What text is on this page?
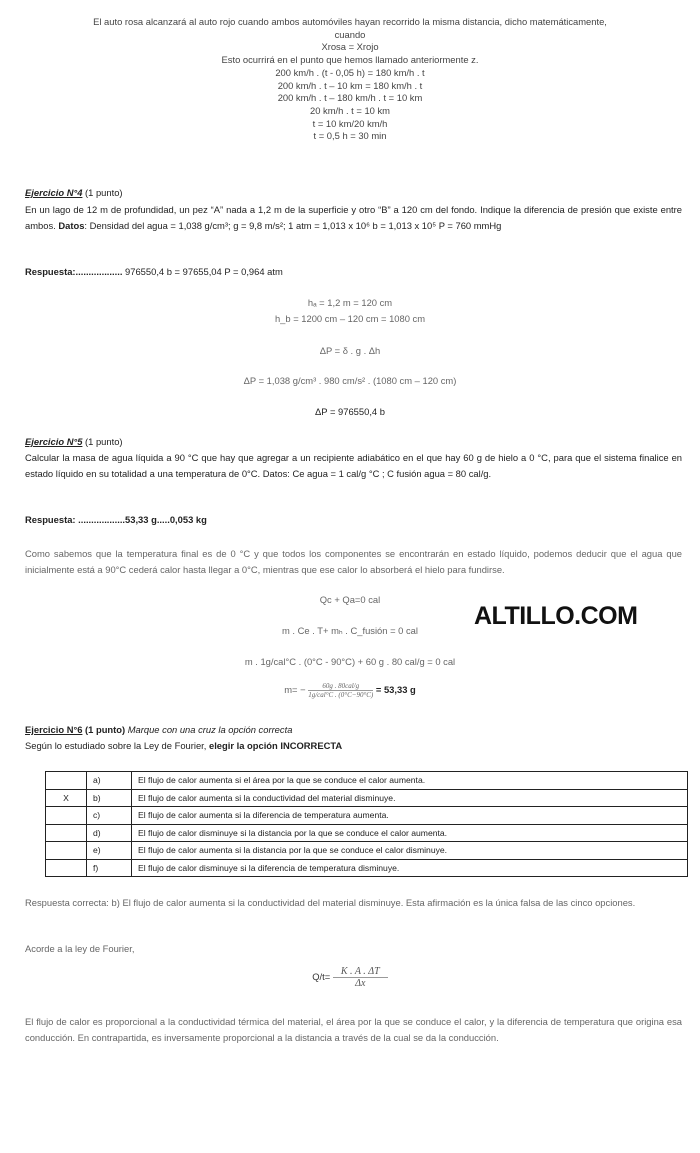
El auto rosa alcanzará al auto rojo cuando ambos automóviles hayan recorrido la misma distancia, dicho matemáticamente,
cuando
Xrosa = Xrojo
Esto ocurrirá en el punto que hemos llamado anteriormente z.
200 km/h . (t - 0,05 h) = 180 km/h . t
200 km/h . t – 10 km = 180 km/h . t
200 km/h . t – 180 km/h . t = 10 km
20 km/h . t = 10 km
t = 10 km/20 km/h
t = 0,5 h = 30 min
Ejercicio N°4 (1 punto)
En un lago de 12 m de profundidad, un pez “A” nada a 1,2 m de la superficie y otro “B” a 120 cm del fondo. Indique la diferencia de presión que existe entre ambos. Datos: Densidad del agua = 1,038 g/cm³; g = 9,8 m/s²; 1 atm = 1,013 x 10⁶ b = 1,013 x 10⁵ P = 760 mmHg
Respuesta:.................. 976550,4 b = 97655,04 P = 0,964 atm
hₐ = 1,2 m = 120 cm
h_b = 1200 cm – 120 cm = 1080 cm
ΔP = δ . g . Δh
ΔP = 1,038 g/cm³ . 980 cm/s² . (1080 cm – 120 cm)
ΔP = 976550,4 b
Ejercicio N°5 (1 punto)
Calcular la masa de agua líquida a 90 °C que hay que agregar a un recipiente adiabático en el que hay 60 g de hielo a 0 °C, para que el sistema finalice en estado líquido en su totalidad a una temperatura de 0°C. Datos: Ce agua = 1 cal/g °C ; C fusión agua = 80 cal/g.
Respuesta: ..................53,33 g.....0,053 kg
Como sabemos que la temperatura final es de 0 °C y que todos los componentes se encontrarán en estado líquido, podemos deducir que el agua que inicialmente está a 90°C cederá calor hasta llegar a 0°C, mientras que ese calor lo absorberá el hielo para fundirse.
Qc + Qa=0 cal
m . Ce . T+ mₕ . C_fusión = 0 cal
m . 1g/cal°C . (0°C - 90°C) + 60 g . 80 cal/g = 0 cal
$m= - \frac{\text{60g . 80cal/g}}{\text{1g/cal°C . (0°C−90°C)}} = 53,33$ g
ALTILLO.COM
Ejercicio N°6 (1 punto) Marque con una cruz la opción correcta
Según lo estudiado sobre la Ley de Fourier, elegir la opción INCORRECTA
	a)	El flujo de calor aumenta si el área por la que se conduce el calor aumenta.
X	b)	El flujo de calor aumenta si la conductividad del material disminuye.
	c)	El flujo de calor aumenta si la diferencia de temperatura aumenta.
	d)	El flujo de calor disminuye si la distancia por la que se conduce el calor aumenta.
	e)	El flujo de calor aumenta si la distancia por la que se conduce el calor disminuye.
	f)	El flujo de calor disminuye si la diferencia de temperatura disminuye.
Respuesta correcta: b) El flujo de calor aumenta si la conductividad del material disminuye. Esta afirmación es la única falsa de las cinco opciones.
Acorde a la ley de Fourier,
$Q/t= \frac{K . A . \Delta T}{\Delta x}$
El flujo de calor es proporcional a la conductividad térmica del material, el área por la que se conduce el calor, y la diferencia de temperatura que origina esa conducción. En contrapartida, es inversamente proporcional a la distancia a través de la cual se da la conducción.
